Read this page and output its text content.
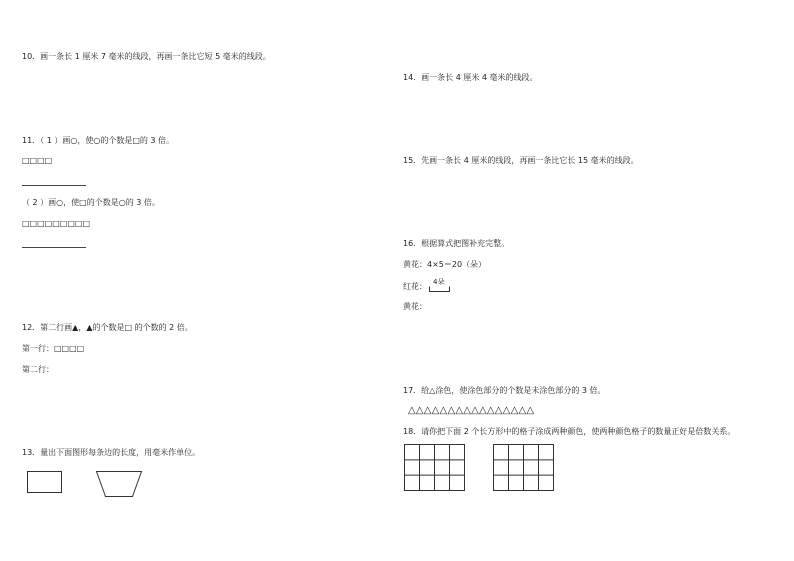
10．画一条长 1 厘米 7 毫米的线段，再画一条比它短 5 毫米的线段。
11．（ 1 ）画○，使○的个数是□的 3 倍。
□□□□
（ 2 ）画○，使□的个数是○的 3 倍。
□□□□□□□□□
12．第二行画▲，▲的个数是□ 的个数的 2 倍。
第一行：□□□□
第二行：
13．量出下面图形每条边的长度，用毫米作单位。
14．画一条长 4 厘米 4 毫米的线段。
15．先画一条长 4 厘米的线段，再画一条比它长 15 毫米的线段。
16．根据算式把图补充完整。
黄花：4×5＝20（朵）
红花： 4朵
黄花：
17．给△涂色，使涂色部分的个数是未涂色部分的 3 倍。
△△△△△△△△△△△△△△△△
18．请你把下面 2 个长方形中的格子涂成两种颜色，使两种颜色格子的数量正好是倍数关系。
